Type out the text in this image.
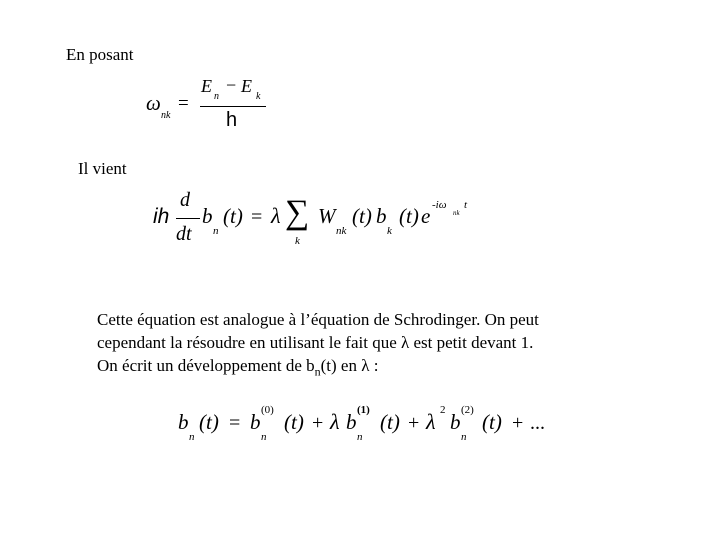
En posant
ω
nk
=
E
n
− E
k
h
Il vient
ih
d
dt
b
n
(t) = λ ∑
k
W
nk
(t) b
k
(t) e -iω
nk
t
Cette équation est analogue à l’équation de Schrodinger. On peut
cependant la résoudre en utilisant le fait que λ est petit devant 1.
On écrit un développement de $b_n(t)$ en λ :
b
n
(t) = b (0)
n
(t) + λ b (1)
n
(t) + λ 2 b (2)
n
(t) + ...
